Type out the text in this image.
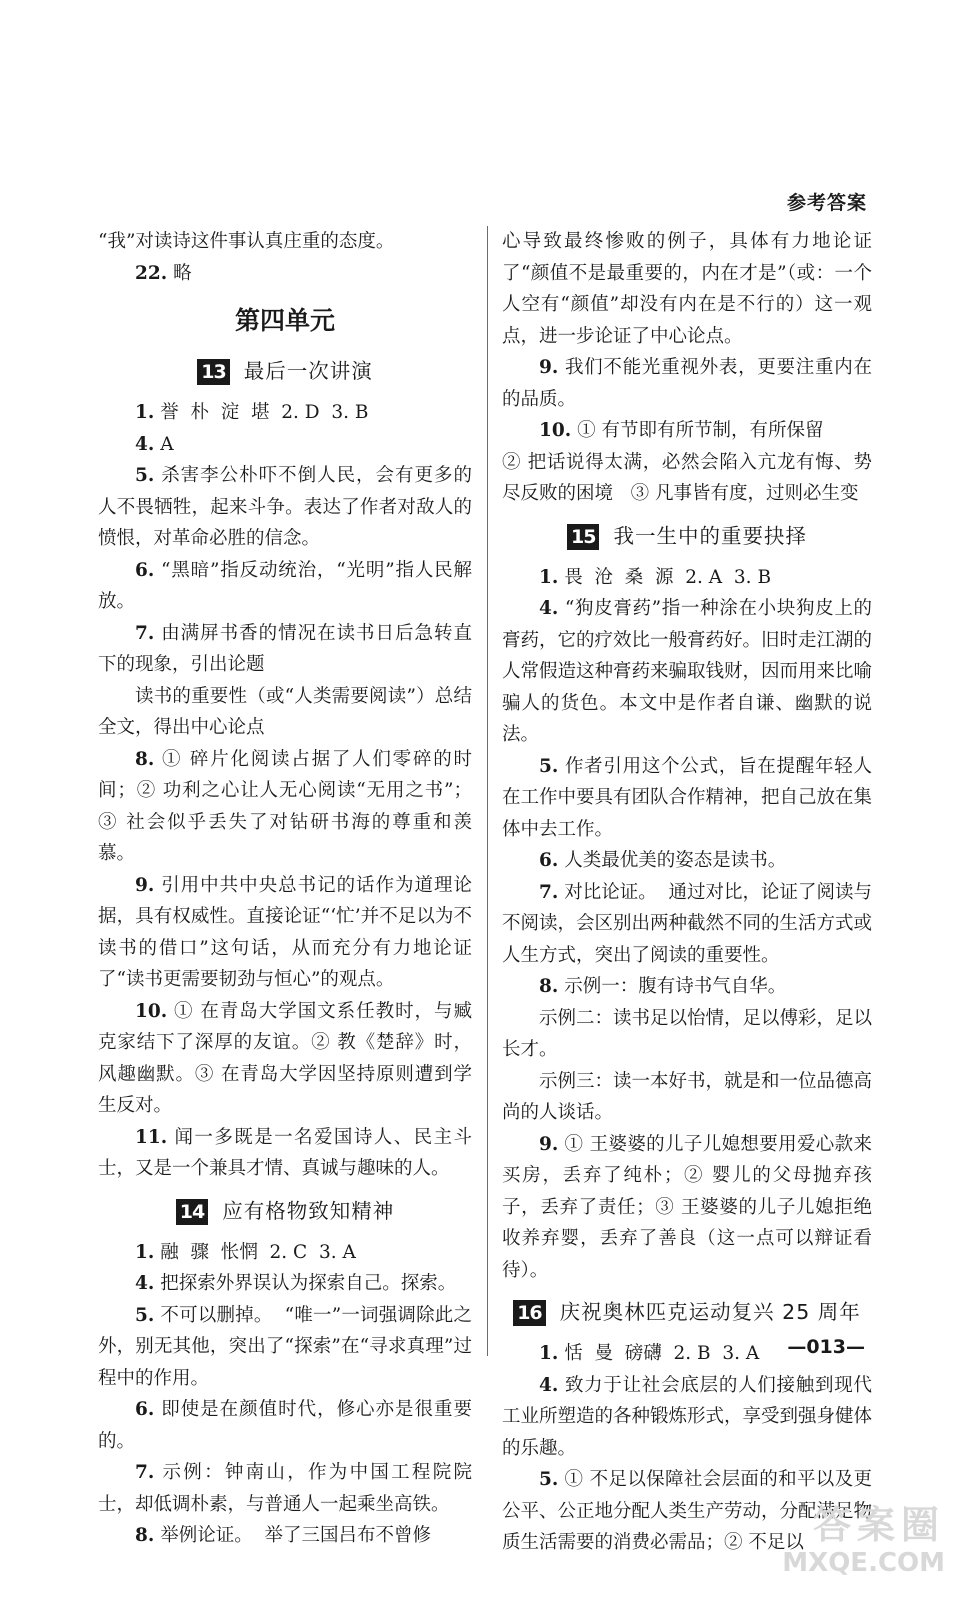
参考答案

“我”对读诗这件事认真庄重的态度。

22. 略

第四单元
13 最后一次讲演

1. 誉  朴  淀  堪  2. D  3. B

4. A

5. 杀害李公朴吓不倒人民，会有更多的人不畏牺牲，起来斗争。表达了作者对敌人的愤恨，对革命必胜的信念。

6. “黑暗”指反动统治，“光明”指人民解放。

7. 由满屏书香的情况在读书日后急转直下的现象，引出论题

读书的重要性（或“人类需要阅读”）总结全文，得出中心论点

8. ① 碎片化阅读占据了人们零碎的时间；② 功利之心让人无心阅读“无用之书”；③ 社会似乎丢失了对钻研书海的尊重和羡慕。

9. 引用中共中央总书记的话作为道理论据，具有权威性。直接论证“‘忙’并不足以为不读书的借口”这句话，从而充分有力地论证了“读书更需要韧劲与恒心”的观点。

10. ① 在青岛大学国文系任教时，与臧克家结下了深厚的友谊。② 教《楚辞》时，风趣幽默。③ 在青岛大学因坚持原则遭到学生反对。

11. 闻一多既是一名爱国诗人、民主斗士，又是一个兼具才情、真诚与趣味的人。

14 应有格物致知精神

1. 融  骤  怅惘  2. C  3. A

4. 把探索外界误认为探索自己。探索。

5. 不可以删掉。  “唯一”一词强调除此之外，别无其他，突出了“探索”在“寻求真理”过程中的作用。

6. 即使是在颜值时代，修心亦是很重要的。

7. 示例：钟南山，作为中国工程院院士，却低调朴素，与普通人一起乘坐高铁。

8. 举例论证。  举了三国吕布不曾修

心导致最终惨败的例子，具体有力地论证了“颜值不是最重要的，内在才是”（或：一个人空有“颜值”却没有内在是不行的）这一观点，进一步论证了中心论点。

9. 我们不能光重视外表，更要注重内在的品质。

10. ① 有节即有所节制，有所保留

② 把话说得太满，必然会陷入亢龙有悔、势尽反败的困境   ③ 凡事皆有度，过则必生变

15 我一生中的重要抉择

1. 畏  沧  桑  源  2. A  3. B

4. “狗皮膏药”指一种涂在小块狗皮上的膏药，它的疗效比一般膏药好。旧时走江湖的人常假造这种膏药来骗取钱财，因而用来比喻骗人的货色。本文中是作者自谦、幽默的说法。

5. 作者引用这个公式，旨在提醒年轻人在工作中要具有团队合作精神，把自己放在集体中去工作。

6. 人类最优美的姿态是读书。

7. 对比论证。  通过对比，论证了阅读与不阅读，会区别出两种截然不同的生活方式或人生方式，突出了阅读的重要性。

8. 示例一：腹有诗书气自华。

示例二：读书足以怡情，足以傅彩，足以长才。

示例三：读一本好书，就是和一位品德高尚的人谈话。

9. ① 王婆婆的儿子儿媳想要用爱心款来买房，丢弃了纯朴；② 婴儿的父母抛弃孩子，丢弃了责任；③ 王婆婆的儿子儿媳拒绝收养弃婴，丢弃了善良（这一点可以辩证看待）。

16 庆祝奥林匹克运动复兴 25 周年

1. 恬  曼  磅礴  2. B  3. A

4. 致力于让社会底层的人们接触到现代工业所塑造的各种锻炼形式，享受到强身健体的乐趣。

5. ① 不足以保障社会层面的和平以及更公平、公正地分配人类生产劳动，分配满足物质生活需要的消费必需品；② 不足以

—013—
答案圈
MXQE.COM
